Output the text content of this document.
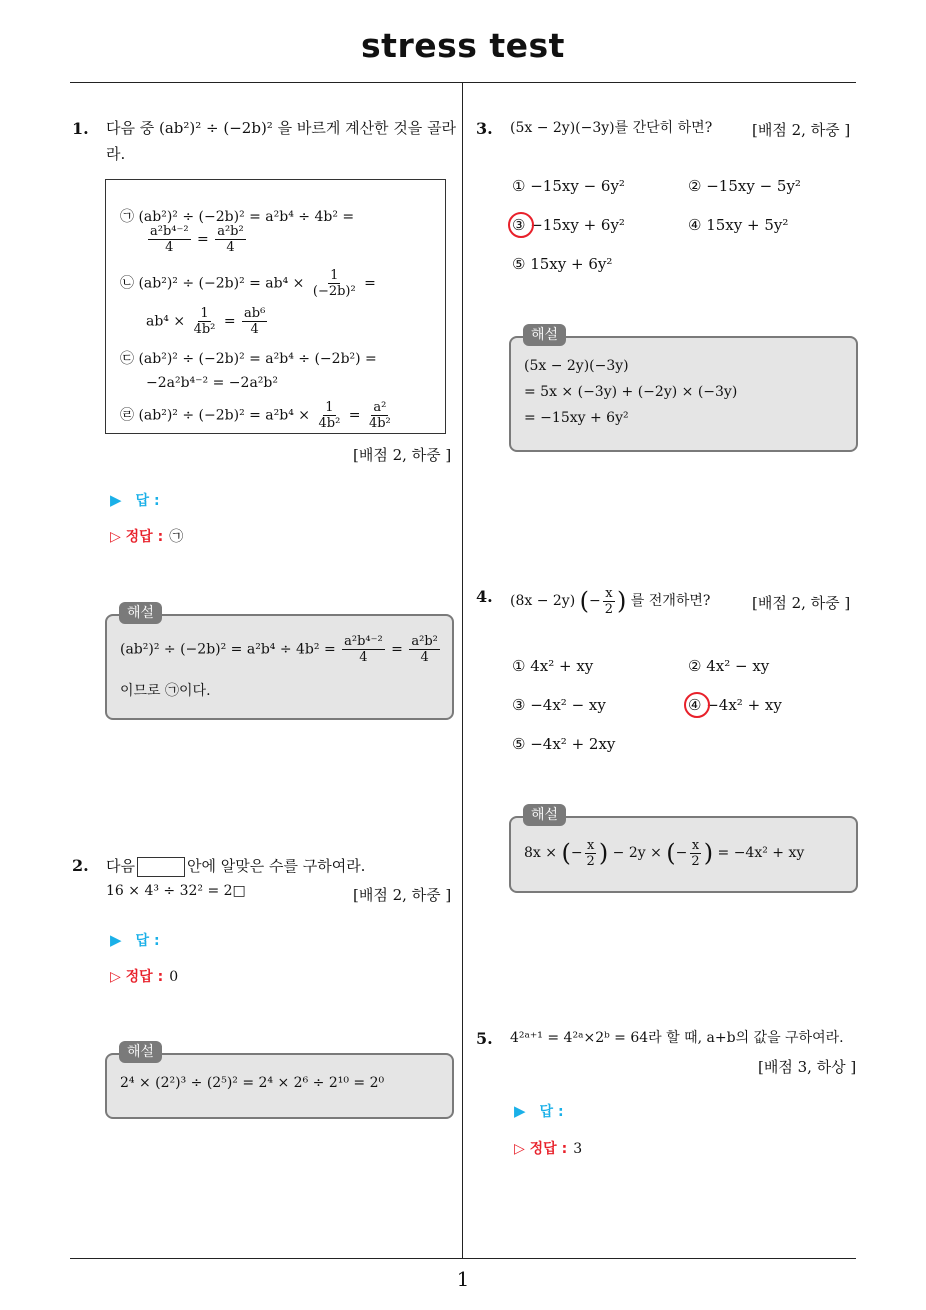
stress test
1
1. 다음 중 (ab²)² ÷ (−2b)² 을 바르게 계산한 것을 골라
라.
㉠ (ab²)² ÷ (−2b)² = a²b⁴ ÷ 4b² =
$\frac{\text{a²b⁴⁻²}}{4} = \frac{\text{a²b²}}{4}$
㉡ $(ab^2)^2 \div (-2b)^2 = ab^4 \times \frac{1}{\text{(−2b)²}}$ =
$ab^4 \times \frac{1}{\text{4b²}} = \frac{\text{ab⁶}}{4}$
㉢ (ab²)² ÷ (−2b)² = a²b⁴ ÷ (−2b²) =
−2a²b⁴⁻² = −2a²b²
㉣ $(ab^2)^2 \div (-2b)^2 = a^2b^4 \times \frac{1}{\text{4b²}} = \frac{\text{a²}}{\text{4b²}}$
[배점 2, 하중 ]
▶ 답 :
▷ 정답 : ㉠
$(ab^2)^2 \div (-2b)^2 = a^2b^4 \div 4b^2 = \frac{\text{a²b⁴⁻²}}{4} = \frac{\text{a²b²}}{4}$
이므로 ㉠이다.
해설
2. 다음	안에 알맞은 수를 구하여라.
16 × 4³ ÷ 32² = 2□	[배점 2, 하중 ]
▶ 답 :
▷ 정답 : 0
2⁴ × (2²)³ ÷ (2⁵)² = 2⁴ × 2⁶ ÷ 2¹⁰ = 2⁰
해설
3. (5x − 2y)(−3y)를 간단히 하면?	[배점 2, 하중 ]
① −15xy − 6y²	② −15xy − 5y²
③ −15xy + 6y²	④ 15xy + 5y²
⑤ 15xy + 6y²
(5x − 2y)(−3y)
= 5x × (−3y) + (−2y) × (−3y)
= −15xy + 6y²
해설
4. (8x − 2y) (− $\frac{x}{2}$ ) 를 전개하면?	[배점 2, 하중 ]
① 4x² + xy	② 4x² − xy
③ −4x² − xy	④ −4x² + xy
⑤ −4x² + 2xy
8x × (− $\frac{x}{2}$ ) − 2y × (− $\frac{x}{2}$ ) = −4x² + xy
해설
5. 4²ᵃ⁺¹ = 4²ᵃ×2ᵇ = 64라 할 때, a+b의 값을 구하여라.
[배점 3, 하상 ]
▶ 답 :
▷ 정답 : 3
